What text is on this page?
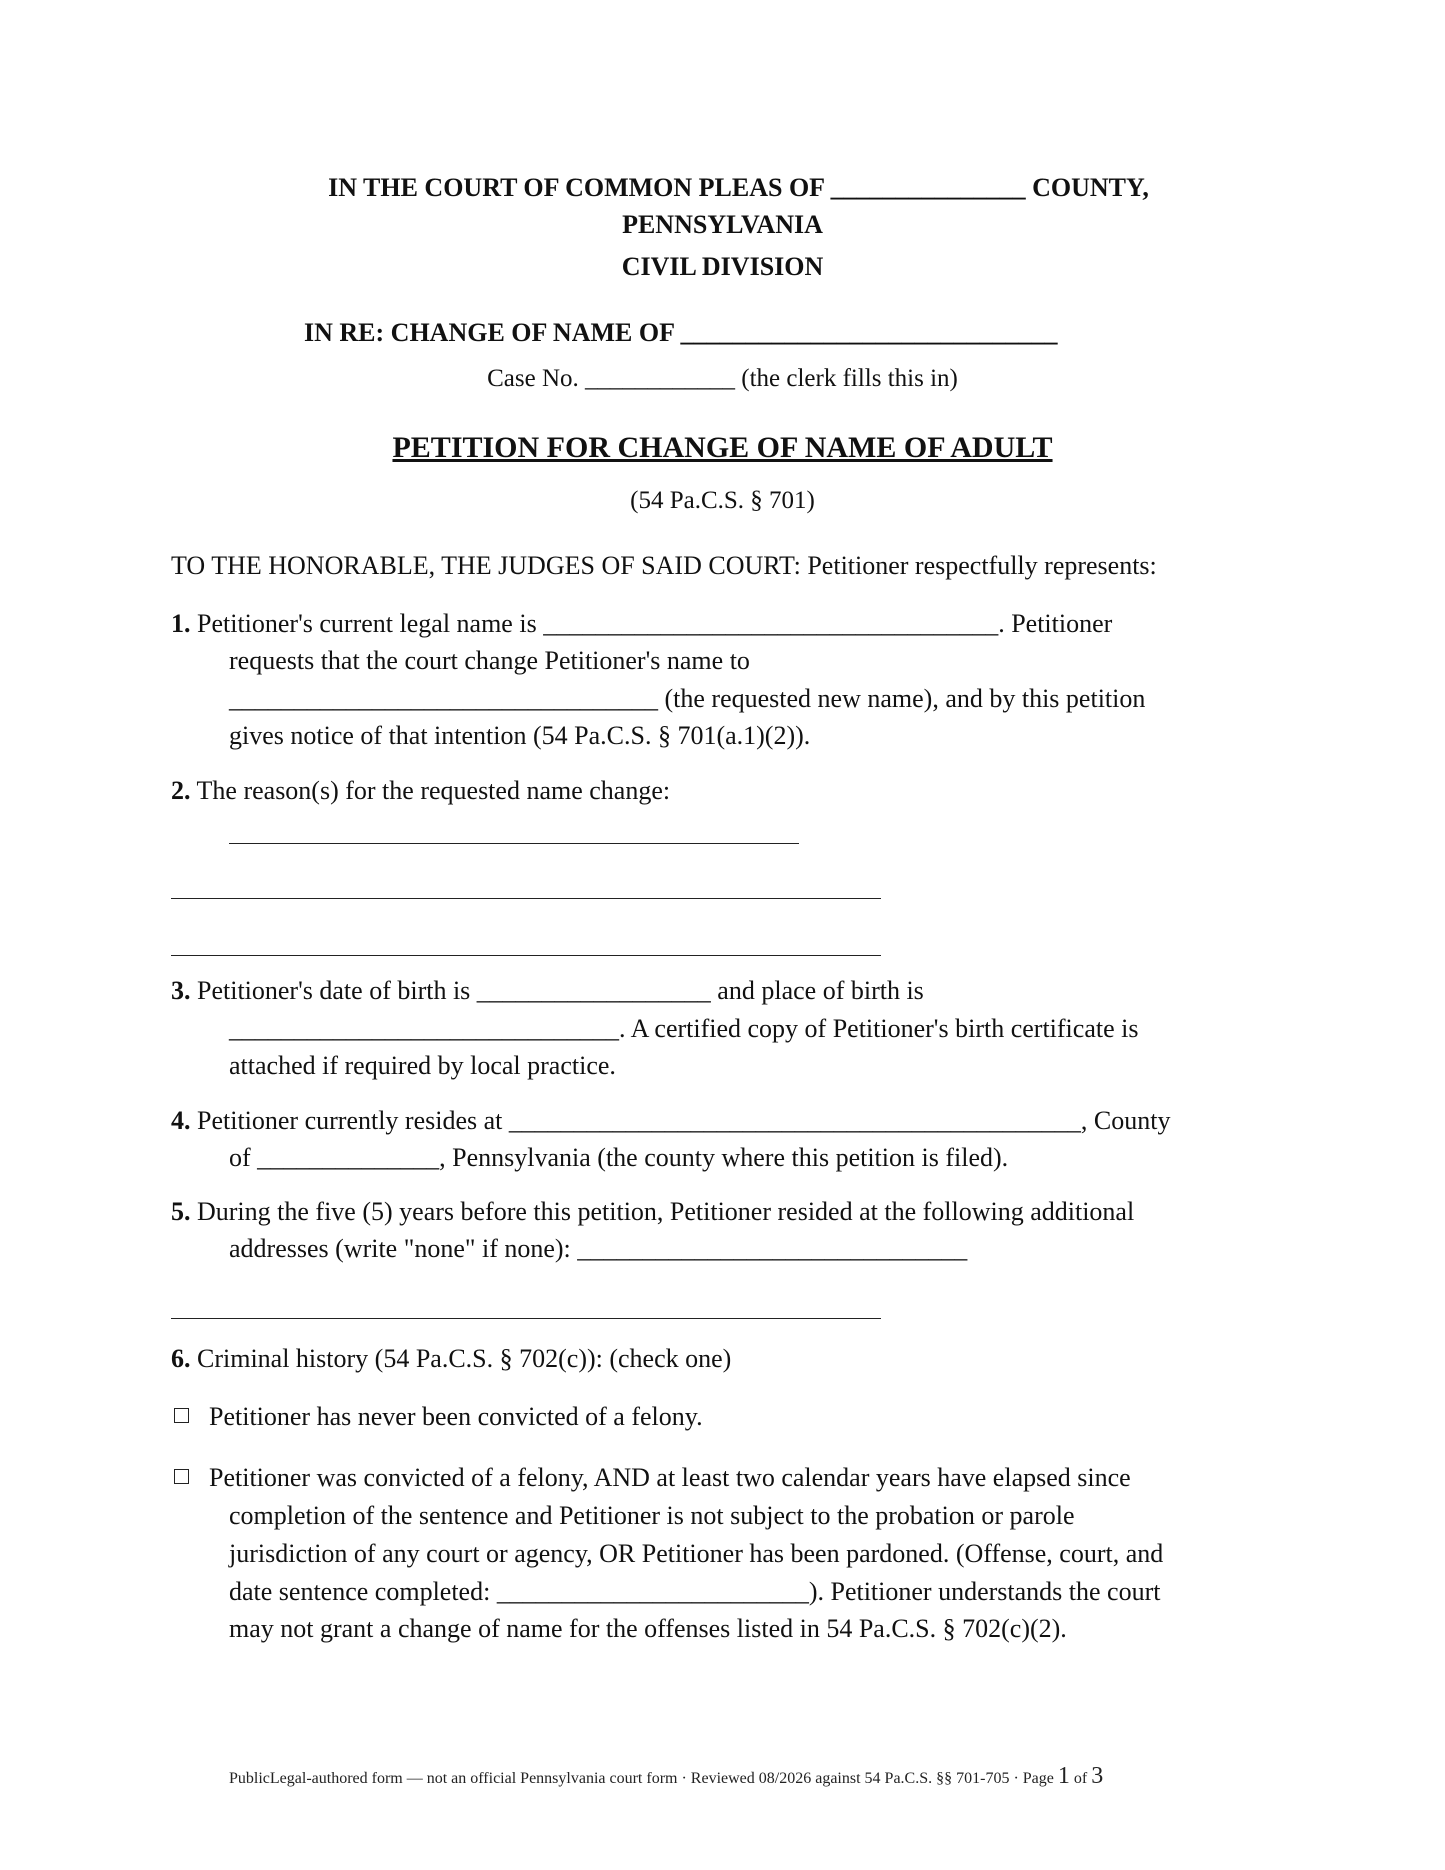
IN THE COURT OF COMMON PLEAS OF _______________ COUNTY,
PENNSYLVANIA
CIVIL DIVISION
IN RE: CHANGE OF NAME OF _____________________________
Case No. ____________ (the clerk fills this in)
PETITION FOR CHANGE OF NAME OF ADULT
(54 Pa.C.S. § 701)
TO THE HONORABLE, THE JUDGES OF SAID COURT: Petitioner respectfully represents:
1. Petitioner's current legal name is ___________________________________. Petitioner
requests that the court change Petitioner's name to
_________________________________ (the requested new name), and by this petition
gives notice of that intention (54 Pa.C.S. § 701(a.1)(2)).
2. The reason(s) for the requested name change:
3. Petitioner's date of birth is __________________ and place of birth is
______________________________. A certified copy of Petitioner's birth certificate is
attached if required by local practice.
4. Petitioner currently resides at ____________________________________________, County
of ______________, Pennsylvania (the county where this petition is filed).
5. During the five (5) years before this petition, Petitioner resided at the following additional
addresses (write "none" if none): ______________________________
6. Criminal history (54 Pa.C.S. § 702(c)): (check one)
Petitioner has never been convicted of a felony.
Petitioner was convicted of a felony, AND at least two calendar years have elapsed since
completion of the sentence and Petitioner is not subject to the probation or parole
jurisdiction of any court or agency, OR Petitioner has been pardoned. (Offense, court, and
date sentence completed: ________________________). Petitioner understands the court
may not grant a change of name for the offenses listed in 54 Pa.C.S. § 702(c)(2).
PublicLegal-authored form — not an official Pennsylvania court form · Reviewed 08/2026 against 54 Pa.C.S. §§ 701-705 · Page 1 of 3
